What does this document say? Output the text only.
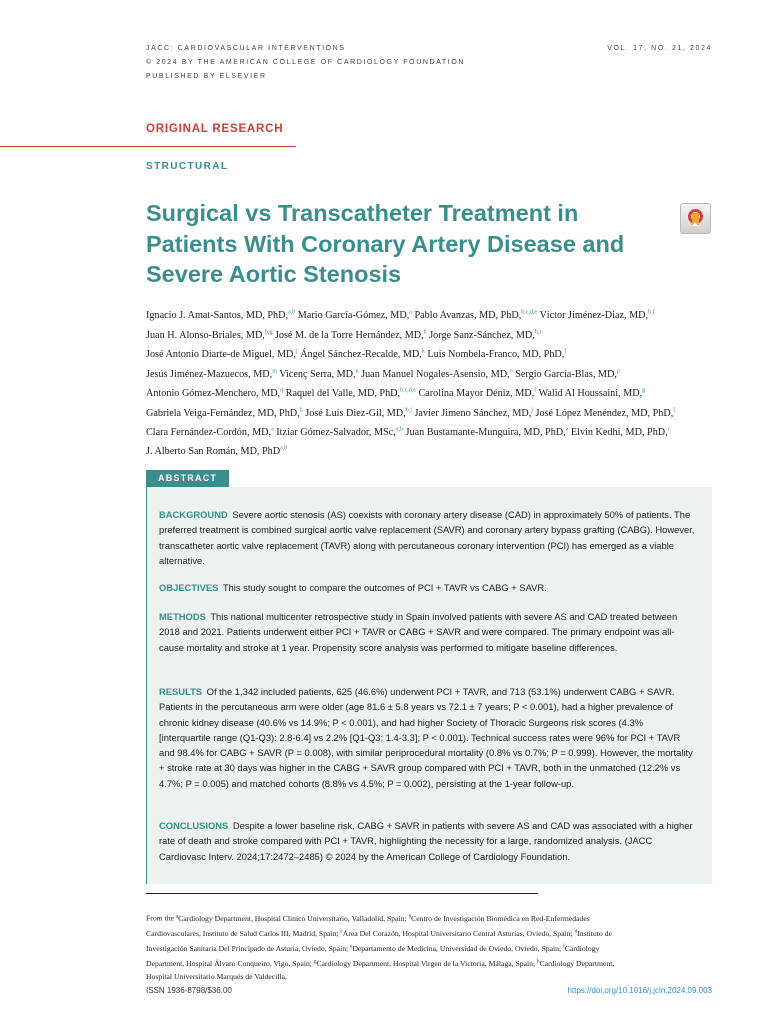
JACC: CARDIOVASCULAR INTERVENTIONS
© 2024 BY THE AMERICAN COLLEGE OF CARDIOLOGY FOUNDATION
PUBLISHED BY ELSEVIER
VOL. 17, NO. 21, 2024
ORIGINAL RESEARCH
STRUCTURAL
Surgical vs Transcatheter Treatment in Patients With Coronary Artery Disease and Severe Aortic Stenosis
Ignacio J. Amat-Santos, MD, PhD,$^{a,b}$ Mario García-Gómez, MD,$^a$ Pablo Avanzas, MD, PhD,$^{b,c,d,e}$ Víctor Jiménez-Diaz, MD,$^{b,f}$ Juan H. Alonso-Briales, MD,$^{b,g}$ José M. de la Torre Hernández, MD,$^h$ Jorge Sanz-Sánchez, MD,$^{b,i}$ José Antonio Diarte-de Miguel, MD,$^j$ Ángel Sánchez-Recalde, MD,$^k$ Luis Nombela-Franco, MD, PhD,$^l$ Jesús Jiménez-Mazuecos, MD,$^m$ Vicenç Serra, MD,$^n$ Juan Manuel Nogales-Asensio, MD,$^o$ Sergio García-Blas, MD,$^p$ Antonio Gómez-Menchero, MD,$^q$ Raquel del Valle, MD, PhD,$^{b,c,d,e}$ Carolina Mayor Déniz, MD,$^f$ Walid Al Houssaini, MD,$^g$ Gabriela Veiga-Fernández, MD, PhD,$^h$ José Luis Diez-Gil, MD,$^{b,i}$ Javier Jimeno Sánchez, MD,$^j$ José López Menéndez, MD, PhD,$^l$ Clara Fernández-Cordón, MD,$^a$ Itziar Gómez-Salvador, MSc,$^{a,b}$ Juan Bustamante-Munguira, MD, PhD,$^a$ Elvin Kedhi, MD, PhD,$^r$ J. Alberto San Román, MD, PhD$^{a,b}$
ABSTRACT

BACKGROUND Severe aortic stenosis (AS) coexists with coronary artery disease (CAD) in approximately 50% of patients. The preferred treatment is combined surgical aortic valve replacement (SAVR) and coronary artery bypass grafting (CABG). However, transcatheter aortic valve replacement (TAVR) along with percutaneous coronary intervention (PCI) has emerged as a viable alternative.

OBJECTIVES This study sought to compare the outcomes of PCI + TAVR vs CABG + SAVR.

METHODS This national multicenter retrospective study in Spain involved patients with severe AS and CAD treated between 2018 and 2021. Patients underwent either PCI + TAVR or CABG + SAVR and were compared. The primary endpoint was all-cause mortality and stroke at 1 year. Propensity score analysis was performed to mitigate baseline differences.

RESULTS Of the 1,342 included patients, 625 (46.6%) underwent PCI + TAVR, and 713 (53.1%) underwent CABG + SAVR. Patients in the percutaneous arm were older (age 81.6 ± 5.8 years vs 72.1 ± 7 years; P < 0.001), had a higher prevalence of chronic kidney disease (40.6% vs 14.9%; P < 0.001), and had higher Society of Thoracic Surgeons risk scores (4.3% [interquartile range (Q1-Q3): 2.8-6.4] vs 2.2% [Q1-Q3: 1.4-3.3]; P < 0.001). Technical success rates were 96% for PCI + TAVR and 98.4% for CABG + SAVR (P = 0.008), with similar periprocedural mortality (0.8% vs 0.7%; P = 0.999). However, the mortality + stroke rate at 30 days was higher in the CABG + SAVR group compared with PCI + TAVR, both in the unmatched (12.2% vs 4.7%; P = 0.005) and matched cohorts (8.8% vs 4.5%; P = 0.002), persisting at the 1-year follow-up.

CONCLUSIONS Despite a lower baseline risk, CABG + SAVR in patients with severe AS and CAD was associated with a higher rate of death and stroke compared with PCI + TAVR, highlighting the necessity for a large, randomized analysis. (JACC Cardiovasc Interv. 2024;17:2472–2485) © 2024 by the American College of Cardiology Foundation.

From the $^a$Cardiology Department, Hospital Clinico Universitario, Valladolid, Spain; $^b$Centro de Investigación Biomédica en Red-Enfermedades Cardiovasculares, Instituto de Salud Carlos III, Madrid, Spain; $^c$Área Del Corazón, Hospital Universitario Central Asturias, Oviedo, Spain; $^d$Instituto de Investigación Sanitaria Del Principado de Asturia, Oviedo, Spain; $^e$Departamento de Medicina, Universidad de Oviedo, Oviedo, Spain; $^f$Cardiology Department, Hospital Álvaro Cunqueiro, Vigo, Spain; $^g$Cardiology Department, Hospital Virgen de la Victoria, Málaga, Spain; $^h$Cardiology Department, Hospital Universitario Marqués de Valdecilla,

ISSN 1936-8798/$36.00	https://doi.org/10.1016/j.jcin.2024.09.003
